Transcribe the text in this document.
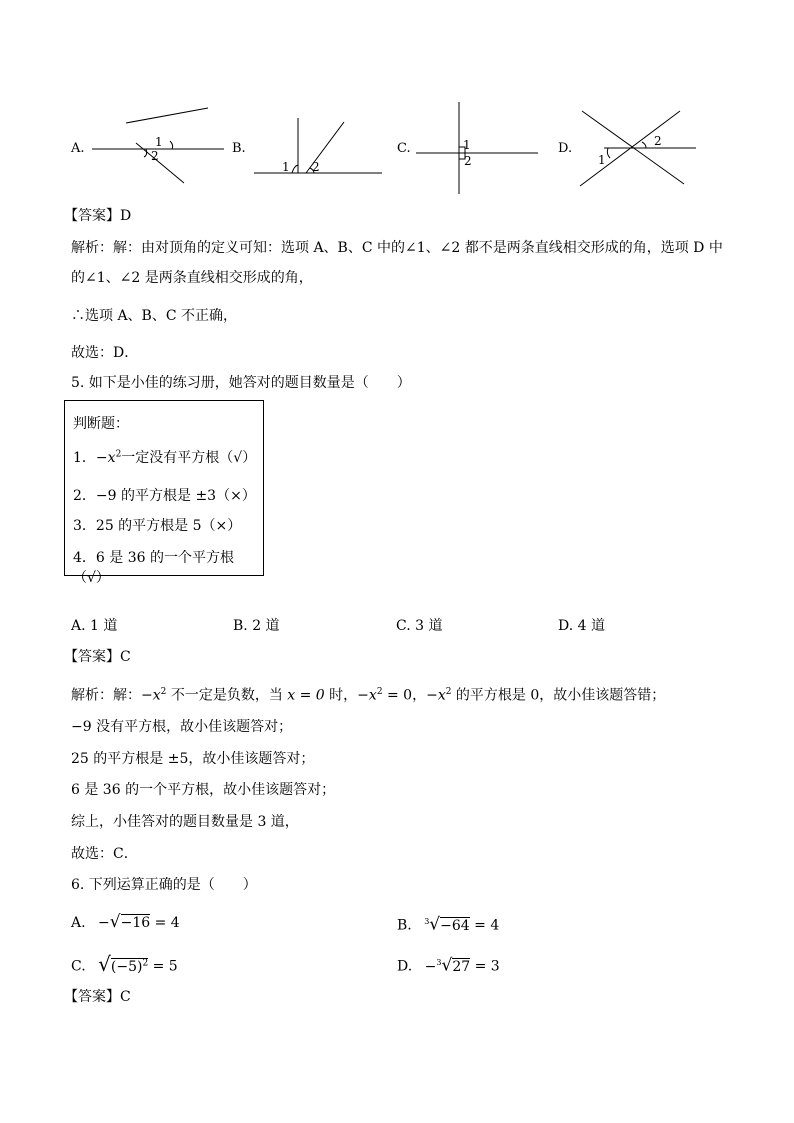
A.	1
2	B.
1 2
C.	1
2
D.	2
1
【答案】D
解析：解：由对顶角的定义可知：选项 A、B、C 中的∠1、∠2 都不是两条直线相交形成的角，选项 D 中
的∠1、∠2 是两条直线相交形成的角，
∴选项 A、B、C 不正确，
故选：D．
5. 如下是小佳的练习册，她答对的题目数量是（　　）
判断题：
1．$-x^2$一定没有平方根（√）
2．−9 的平方根是 ±3（×）
3．25 的平方根是 5（×）
4．6 是 36 的一个平方根（√）
A. 1 道	B. 2 道	C. 3 道	D. 4 道
【答案】C
解析：解：$-x^2$ 不一定是负数，当 x = 0 时，$-x^2 = 0$，$-x^2$ 的平方根是 0，故小佳该题答错；
−9 没有平方根，故小佳该题答对；
25 的平方根是 ±5，故小佳该题答对；
6 是 36 的一个平方根，故小佳该题答对；
综上，小佳答对的题目数量是 3 道，
故选：C．
6. 下列运算正确的是（　　）
A. −√−16 = 4	B. $^3$√−64 = 4
C. $√(-5)^2 = 5$	D. −$^3$√27 = 3
【答案】C
